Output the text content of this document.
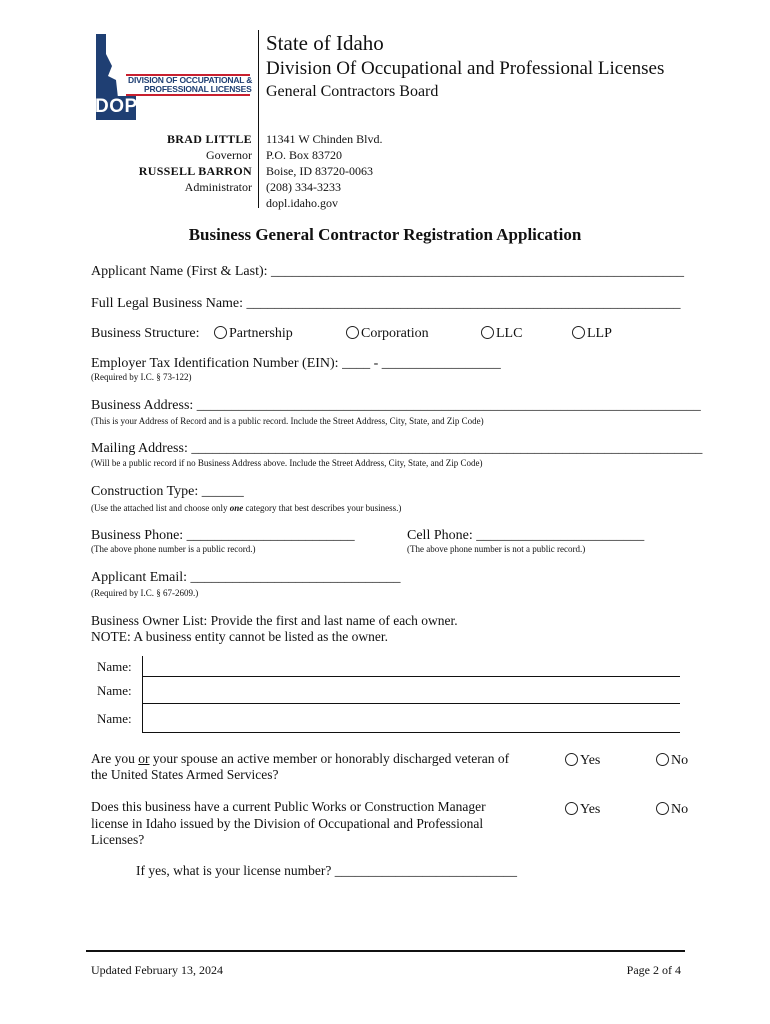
DIVISION OF OCCUPATIONAL &
PROFESSIONAL LICENSES
DOPL
State of Idaho
Division Of Occupational and Professional Licenses
General Contractors Board
BRAD LITTLE
Governor
RUSSELL BARRON
Administrator
11341 W Chinden Blvd.
P.O. Box 83720
Boise, ID 83720-0063
(208) 334-3233
dopl.idaho.gov
Business General Contractor Registration Application
Applicant Name (First & Last): ___________________________________________________________
Full Legal Business Name: ______________________________________________________________
Business Structure:	Partnership	Corporation	LLC	LLP
Employer Tax Identification Number (EIN): ____ - _________________
(Required by I.C. § 73-122)
Business Address: ________________________________________________________________________
(This is your Address of Record and is a public record. Include the Street Address, City, State, and Zip Code)
Mailing Address: _________________________________________________________________________
(Will be a public record if no Business Address above. Include the Street Address, City, State, and Zip Code)
Construction Type: ______
(Use the attached list and choose only one category that best describes your business.)
Business Phone: ________________________
(The above phone number is a public record.)
Cell Phone: ________________________
(The above phone number is not a public record.)
Applicant Email: ______________________________
(Required by I.C. § 67-2609.)
Business Owner List: Provide the first and last name of each owner.
NOTE: A business entity cannot be listed as the owner.
Name:
Name:
Name:
Are you or your spouse an active member or honorably discharged veteran of
the United States Armed Services?
Yes	No
Does this business have a current Public Works or Construction Manager
license in Idaho issued by the Division of Occupational and Professional
Licenses?
Yes	No
If yes, what is your license number? ___________________________
Updated February 13, 2024	Page 2 of 4
